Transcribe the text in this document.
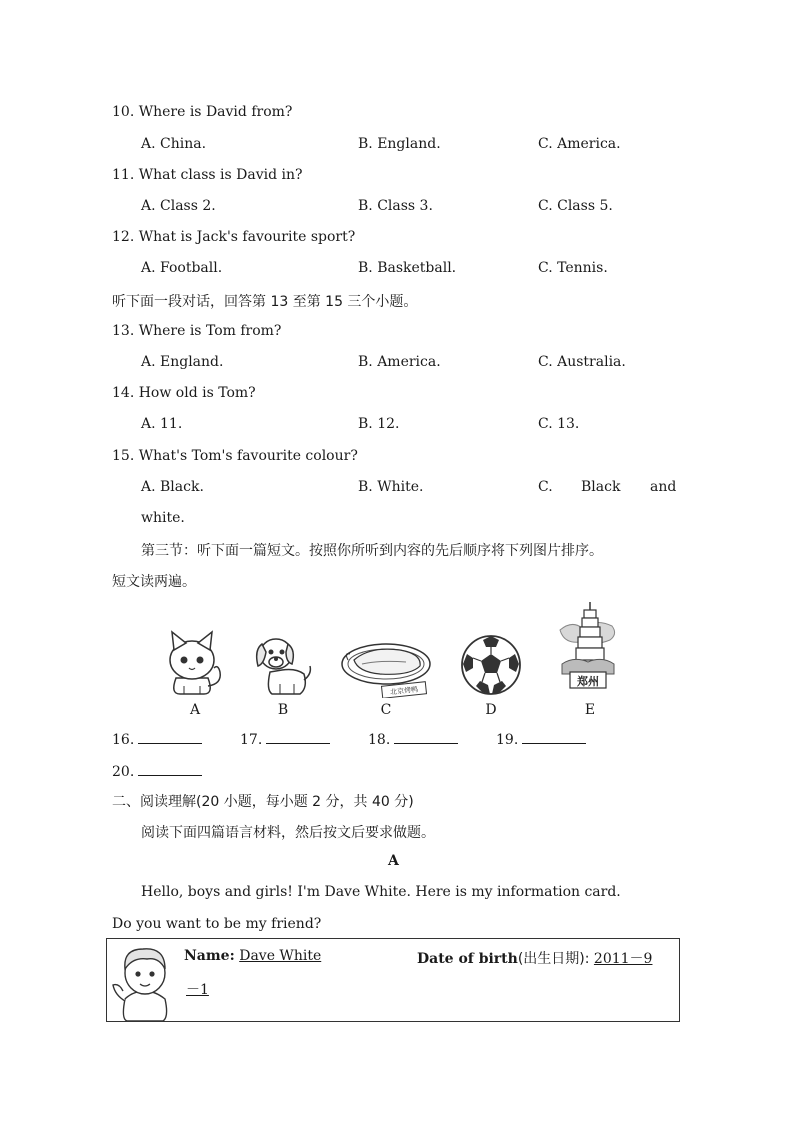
10. Where is David from?
A. China.	B. England.	C. America.
11. What class is David in?
A. Class 2.	B. Class 3.	C. Class 5.
12. What is Jack's favourite sport?
A. Football.	B. Basketball.	C. Tennis.
听下面一段对话，回答第 13 至第 15 三个小题。
13. Where is Tom from?
A. England.	B. America.	C. Australia.
14. How old is Tom?
A. 11.	B. 12.	C. 13.
15. What's Tom's favourite colour?
A. Black.	B. White.	C. Black and
white.
第三节：听下面一篇短文。按照你所听到内容的先后顺序将下列图片排序。
短文读两遍。
A	B
北京烤鸭
C	D
郑州
E
16.	17.	18.	19.
20.
二、阅读理解(20 小题，每小题 2 分，共 40 分)
阅读下面四篇语言材料，然后按文后要求做题。
A
Hello, boys and girls! I'm Dave White. Here is my information card.
Do you want to be my friend?
Name: Dave White	Date of birth(出生日期): 2011－9
－1
